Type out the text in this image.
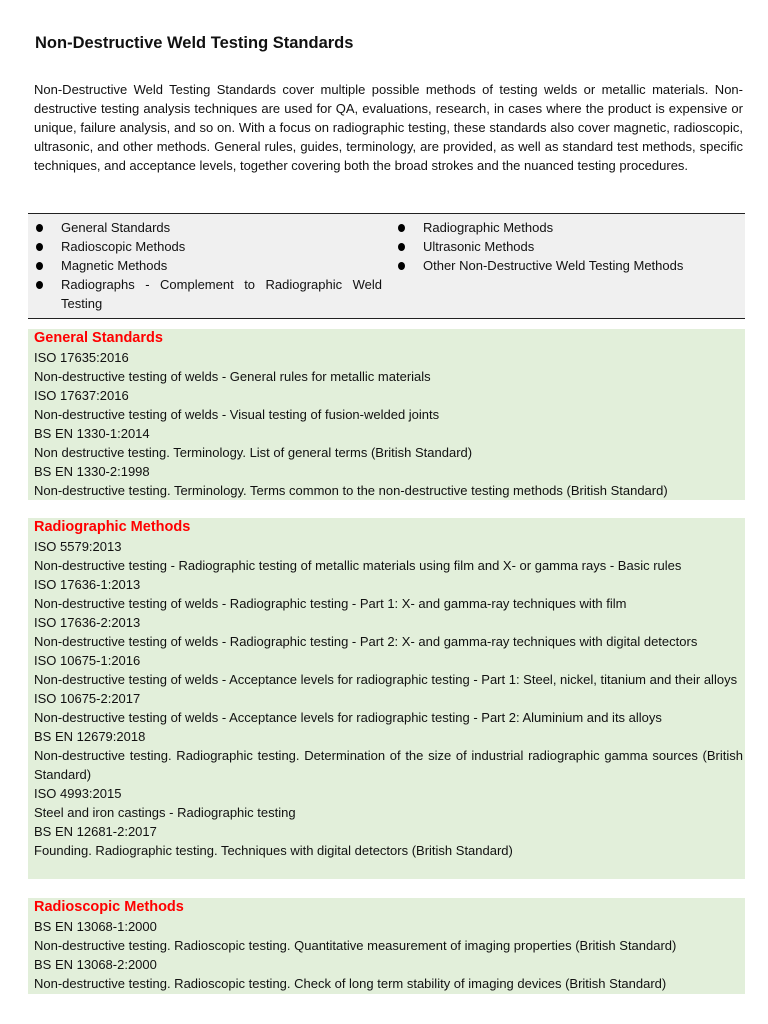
Non-Destructive Weld Testing Standards

Non-Destructive Weld Testing Standards cover multiple possible methods of testing welds or metallic materials. Non-destructive testing analysis techniques are used for QA, evaluations, research, in cases where the product is expensive or unique, failure analysis, and so on. With a focus on radiographic testing, these standards also cover magnetic, radioscopic, ultrasonic, and other methods. General rules, guides, terminology, are provided, as well as standard test methods, specific techniques, and acceptance levels, together covering both the broad strokes and the nuanced testing procedures.

General Standards
Radioscopic Methods
Magnetic Methods
Radiographs - Complement to Radiographic Weld Testing
Radiographic Methods
Ultrasonic Methods
Other Non-Destructive Weld Testing Methods
General Standards
ISO 17635:2016
Non-destructive testing of welds - General rules for metallic materials
ISO 17637:2016
Non-destructive testing of welds - Visual testing of fusion-welded joints
BS EN 1330-1:2014
Non destructive testing. Terminology. List of general terms (British Standard)
BS EN 1330-2:1998
Non-destructive testing. Terminology. Terms common to the non-destructive testing methods (British Standard)
Radiographic Methods
ISO 5579:2013
Non-destructive testing - Radiographic testing of metallic materials using film and X- or gamma rays - Basic rules
ISO 17636-1:2013
Non-destructive testing of welds - Radiographic testing - Part 1: X- and gamma-ray techniques with film
ISO 17636-2:2013
Non-destructive testing of welds - Radiographic testing - Part 2: X- and gamma-ray techniques with digital detectors
ISO 10675-1:2016
Non-destructive testing of welds - Acceptance levels for radiographic testing - Part 1: Steel, nickel, titanium and their alloys
ISO 10675-2:2017
Non-destructive testing of welds - Acceptance levels for radiographic testing - Part 2: Aluminium and its alloys
BS EN 12679:2018
Non-destructive testing. Radiographic testing. Determination of the size of industrial radiographic gamma sources (British Standard)
ISO 4993:2015
Steel and iron castings - Radiographic testing
BS EN 12681-2:2017
Founding. Radiographic testing. Techniques with digital detectors (British Standard)
Radioscopic Methods
BS EN 13068-1:2000
Non-destructive testing. Radioscopic testing. Quantitative measurement of imaging properties (British Standard)
BS EN 13068-2:2000
Non-destructive testing. Radioscopic testing. Check of long term stability of imaging devices (British Standard)
